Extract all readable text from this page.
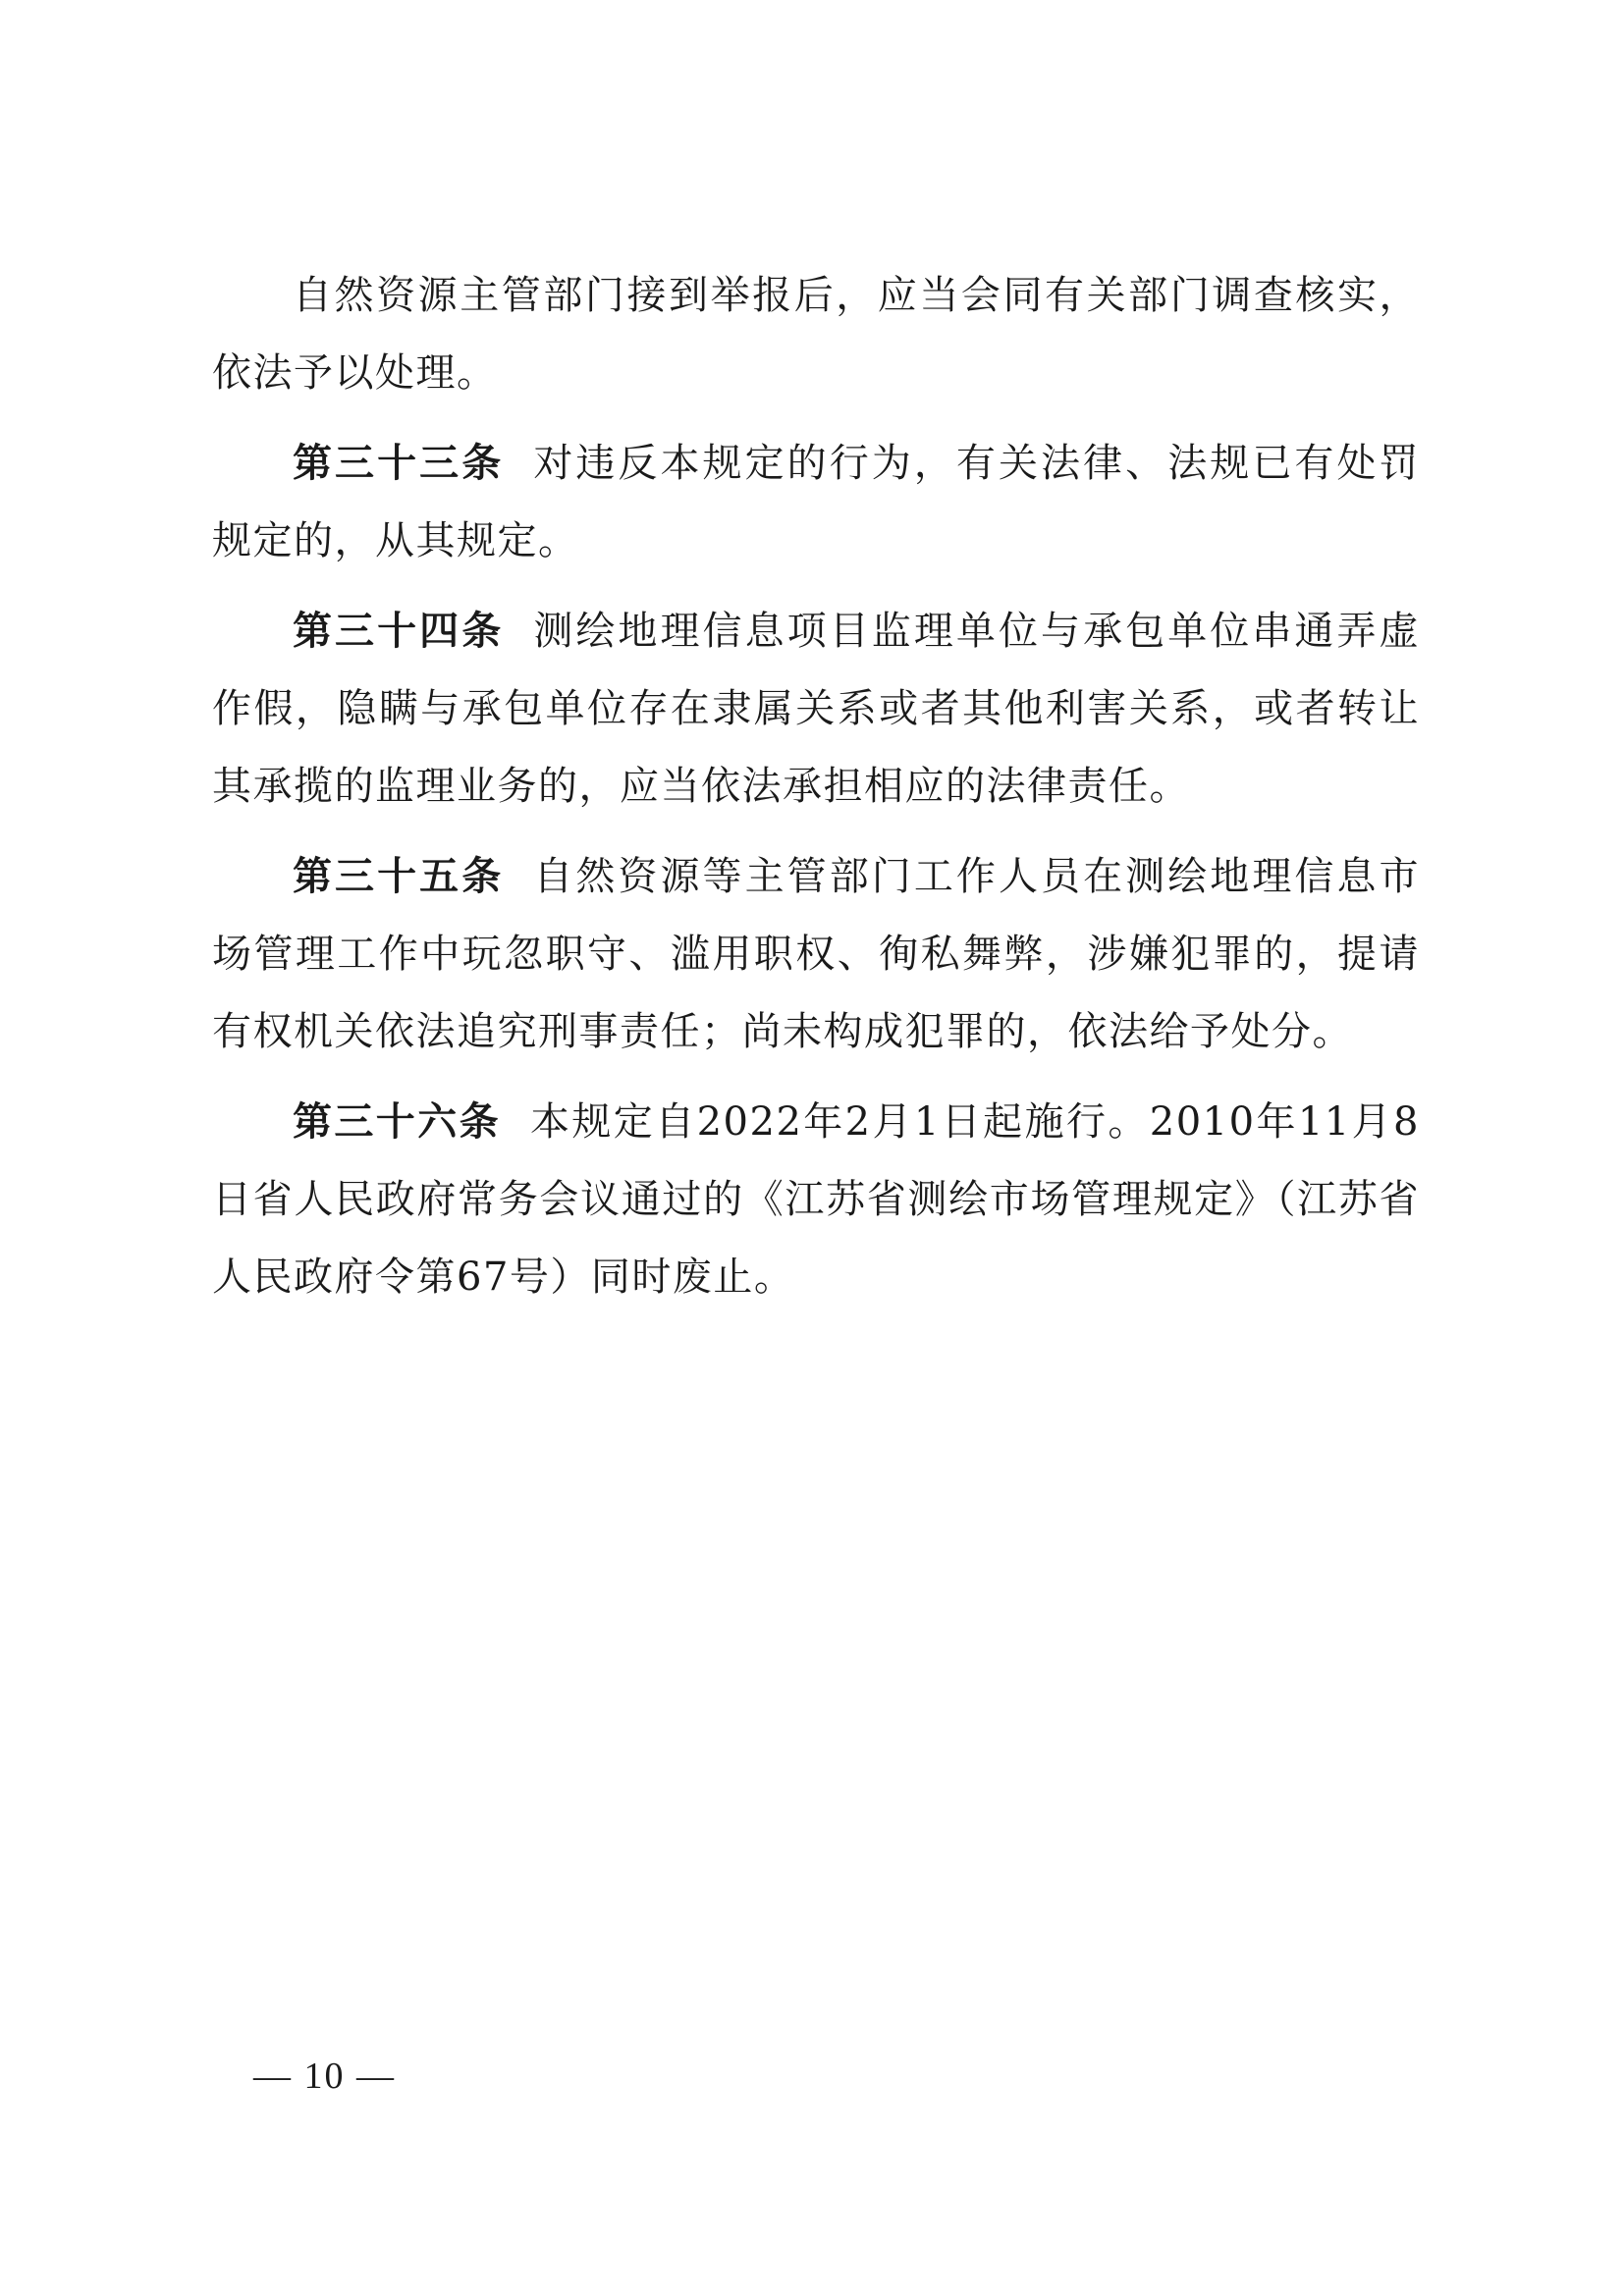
自然资源主管部门接到举报后，应当会同有关部门调查核实，依法予以处理。

第三十三条 对违反本规定的行为，有关法律、法规已有处罚规定的，从其规定。

第三十四条 测绘地理信息项目监理单位与承包单位串通弄虚作假，隐瞒与承包单位存在隶属关系或者其他利害关系，或者转让其承揽的监理业务的，应当依法承担相应的法律责任。

第三十五条 自然资源等主管部门工作人员在测绘地理信息市场管理工作中玩忽职守、滥用职权、徇私舞弊，涉嫌犯罪的，提请有权机关依法追究刑事责任；尚未构成犯罪的，依法给予处分。

第三十六条 本规定自2022年2月1日起施行。2010年11月8日省人民政府常务会议通过的《江苏省测绘市场管理规定》（江苏省人民政府令第67号）同时废止。

— 10 —
